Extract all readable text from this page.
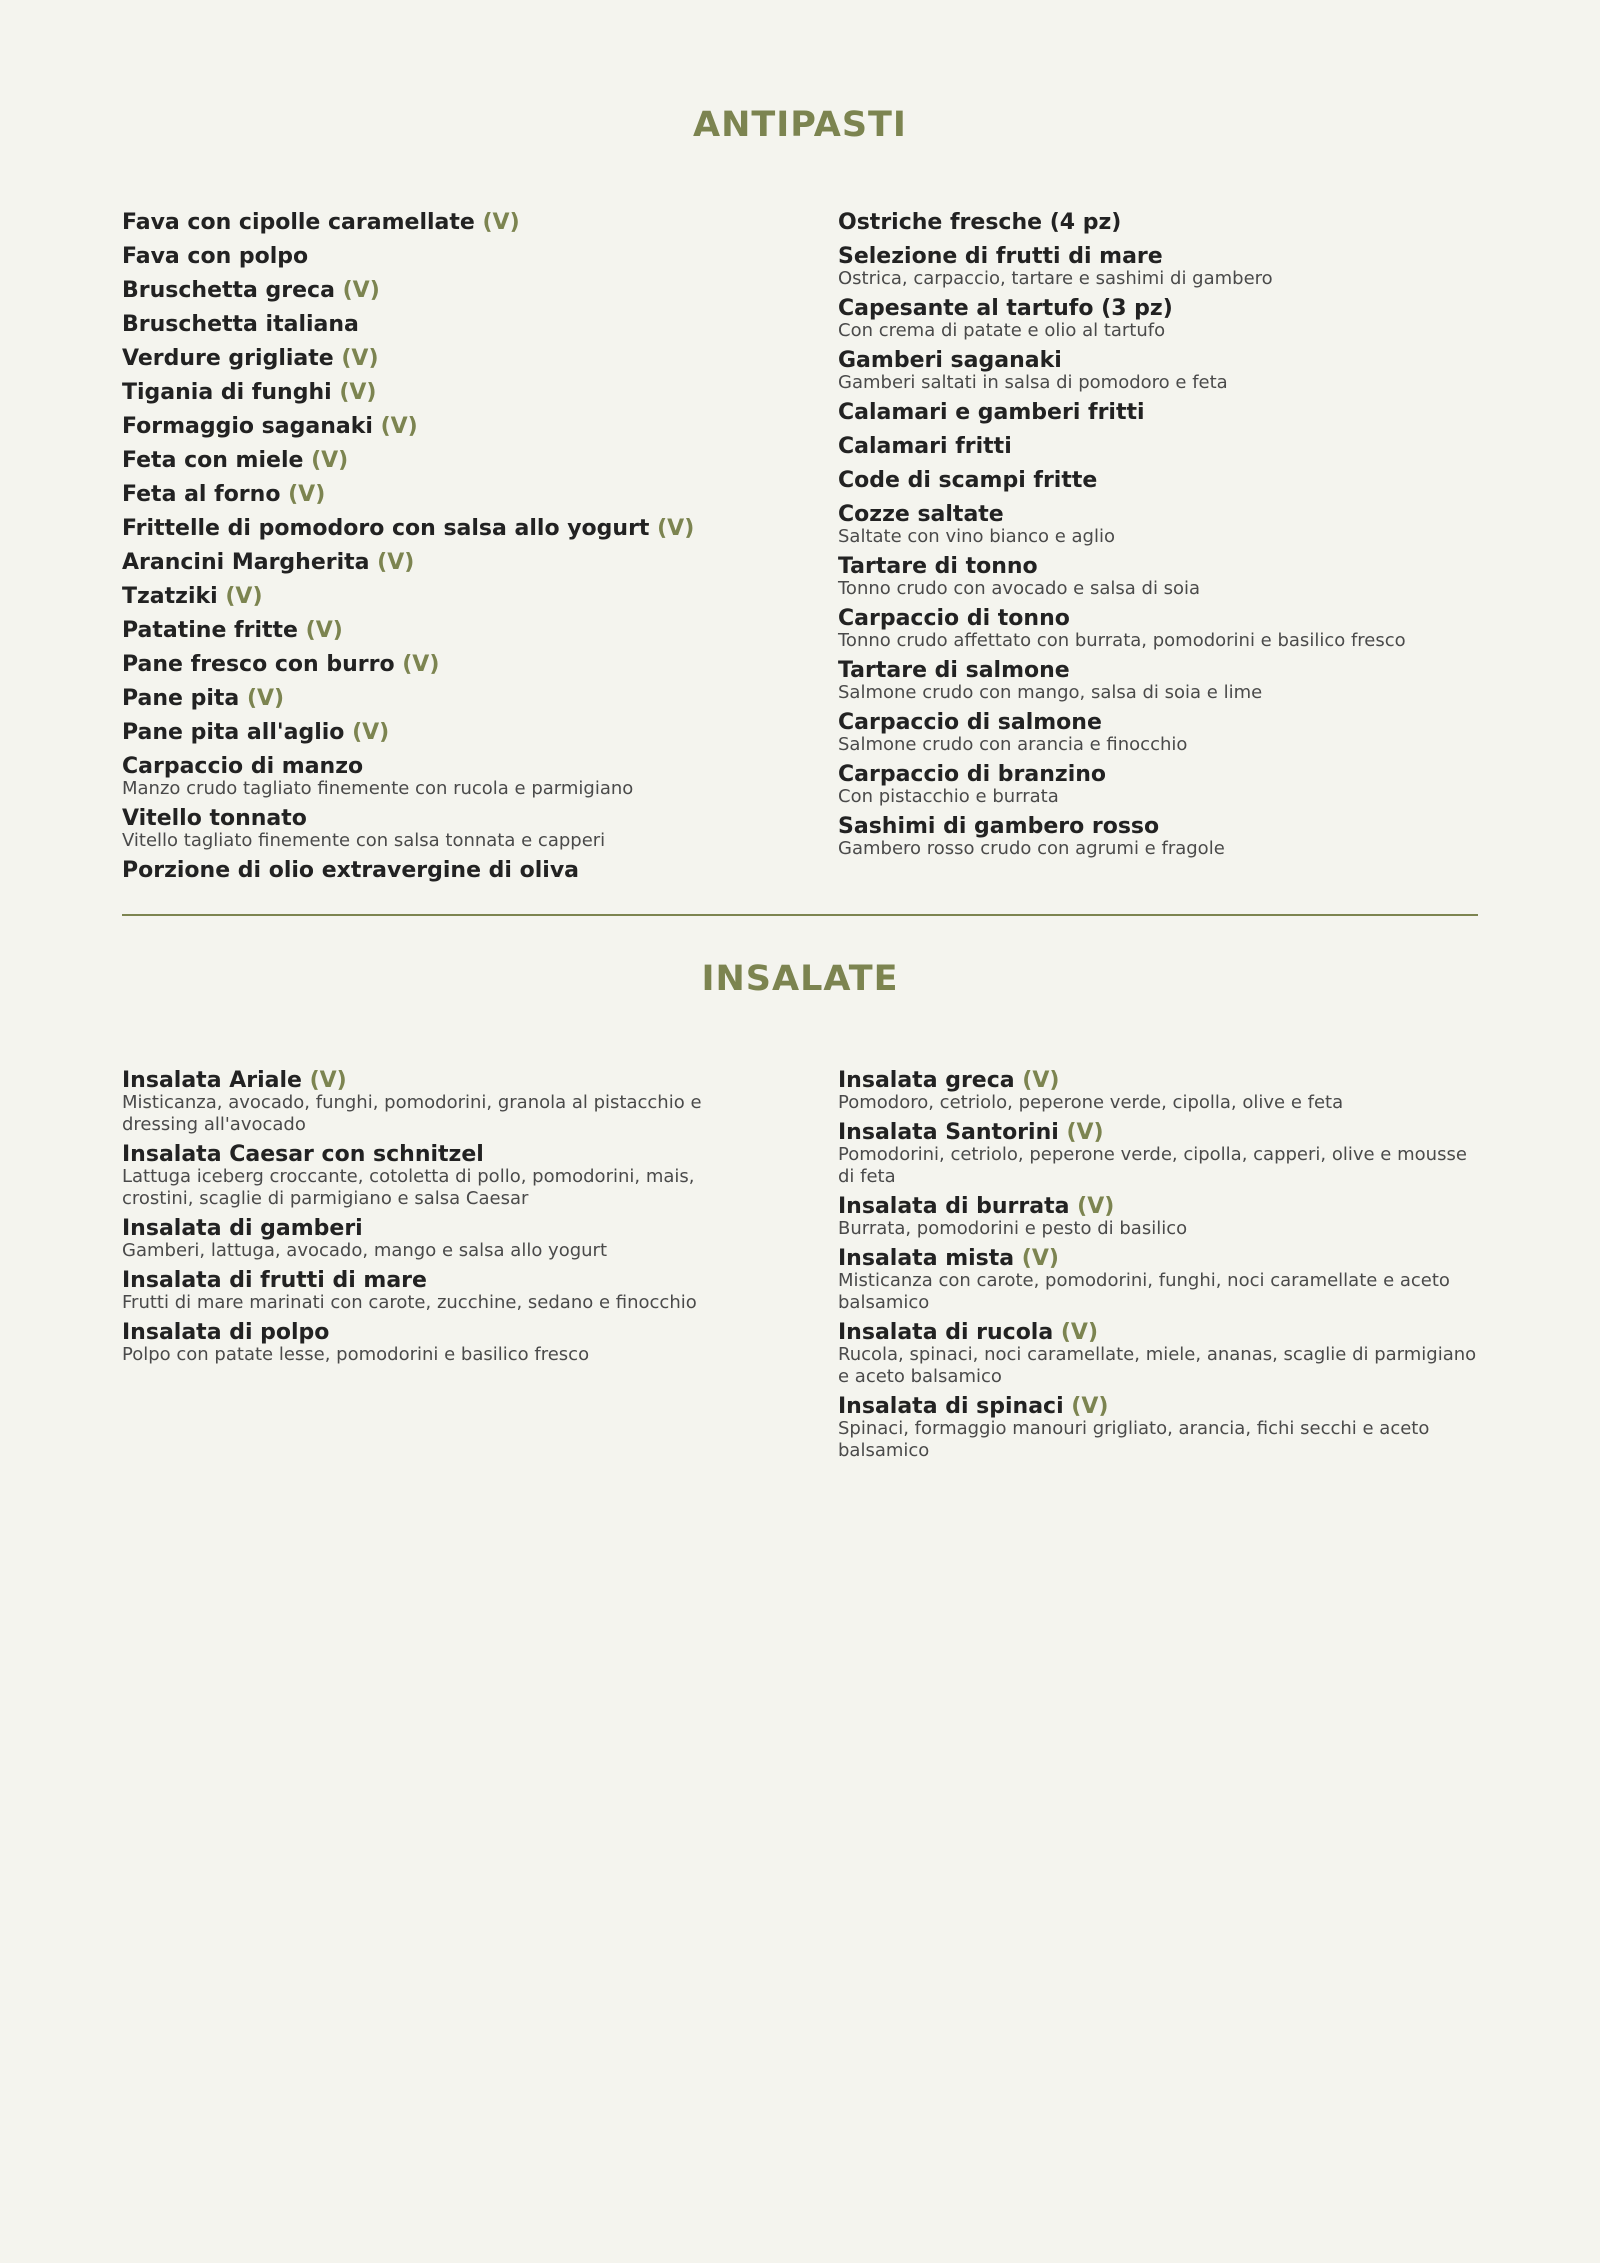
ANTIPASTI
Fava con cipolle caramellate (V)
Fava con polpo
Bruschetta greca (V)
Bruschetta italiana
Verdure grigliate (V)
Tigania di funghi (V)
Formaggio saganaki (V)
Feta con miele (V)
Feta al forno (V)
Frittelle di pomodoro con salsa allo yogurt (V)
Arancini Margherita (V)
Tzatziki (V)
Patatine fritte (V)
Pane fresco con burro (V)
Pane pita (V)
Pane pita all'aglio (V)
Carpaccio di manzo
Manzo crudo tagliato finemente con rucola e parmigiano
Vitello tonnato
Vitello tagliato finemente con salsa tonnata e capperi
Porzione di olio extravergine di oliva
Ostriche fresche (4 pz)
Selezione di frutti di mare
Ostrica, carpaccio, tartare e sashimi di gambero
Capesante al tartufo (3 pz)
Con crema di patate e olio al tartufo
Gamberi saganaki
Gamberi saltati in salsa di pomodoro e feta
Calamari e gamberi fritti
Calamari fritti
Code di scampi fritte
Cozze saltate
Saltate con vino bianco e aglio
Tartare di tonno
Tonno crudo con avocado e salsa di soia
Carpaccio di tonno
Tonno crudo affettato con burrata, pomodorini e basilico fresco
Tartare di salmone
Salmone crudo con mango, salsa di soia e lime
Carpaccio di salmone
Salmone crudo con arancia e finocchio
Carpaccio di branzino
Con pistacchio e burrata
Sashimi di gambero rosso
Gambero rosso crudo con agrumi e fragole
INSALATE
Insalata Ariale (V)
Misticanza, avocado, funghi, pomodorini, granola al pistacchio e dressing all'avocado
Insalata Caesar con schnitzel
Lattuga iceberg croccante, cotoletta di pollo, pomodorini, mais, crostini, scaglie di parmigiano e salsa Caesar
Insalata di gamberi
Gamberi, lattuga, avocado, mango e salsa allo yogurt
Insalata di frutti di mare
Frutti di mare marinati con carote, zucchine, sedano e finocchio
Insalata di polpo
Polpo con patate lesse, pomodorini e basilico fresco
Insalata greca (V)
Pomodoro, cetriolo, peperone verde, cipolla, olive e feta
Insalata Santorini (V)
Pomodorini, cetriolo, peperone verde, cipolla, capperi, olive e mousse di feta
Insalata di burrata (V)
Burrata, pomodorini e pesto di basilico
Insalata mista (V)
Misticanza con carote, pomodorini, funghi, noci caramellate e aceto balsamico
Insalata di rucola (V)
Rucola, spinaci, noci caramellate, miele, ananas, scaglie di parmigiano e aceto balsamico
Insalata di spinaci (V)
Spinaci, formaggio manouri grigliato, arancia, fichi secchi e aceto balsamico
